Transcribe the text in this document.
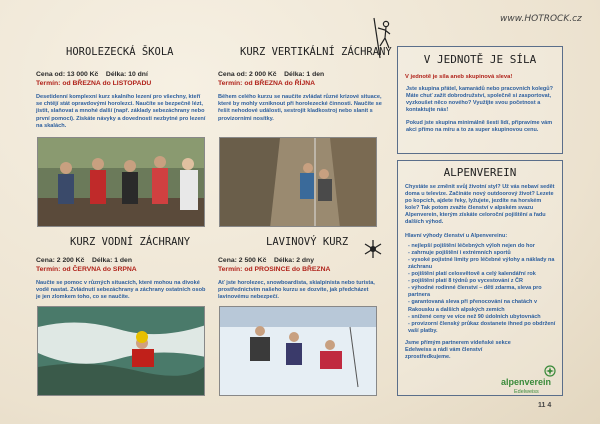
www.HOTROCK.cz
HOROLEZECKÁ ŠKOLA
Cena od: 13 000 Kč Délka: 10 dní
Termín: od BŘEZNA do LISTOPADU
Desetidenní komplexní kurz skalního lezení pro všechny, kteří se chtějí stát opravdovými horolezci. Naučíte se bezpečně lézt, jistit, slaňovat a mnohé další (např. základy sebezáchrany nebo první pomoci). Získáte návyky a dovednosti nezbytné pro lezení na skalách.
KURZ VERTIKÁLNÍ ZÁCHRANY
Cena od: 2 000 Kč Délka: 1 den
Termín: od BŘEZNA do ŘÍJNA
Během celého kurzu se naučíte zvládat různé krizové situace, které by mohly vzniknout při horolezecké činnosti. Naučíte se řešit nehodové události, sestrojit kladkostroj nebo slanit s provizorními nosítky.
KURZ VODNÍ ZÁCHRANY
Cena: 2 200 Kč Délka: 1 den
Termín: od ČERVNA do SRPNA
Naučte se pomoc v různých situacích, které mohou na divoké vodě nastat. Zvládnutí sebezáchrany a záchrany ostatních osob je jen zlomkem toho, co se naučíte.
LAVINOVÝ KURZ
Cena: 2 500 Kč Délka: 2 dny
Termín: od PROSINCE do BŘEZNA
Ať jste horolezec, snowboardista, skialpinista nebo turista, prostřednictvím našeho kurzu se dozvíte, jak předcházet lavinovému nebezpečí.
V JEDNOTĚ JE SÍLA
V jednotě je síla aneb skupinová sleva!

Jste skupina přátel, kamarádů nebo pracovních kolegů? Máte chuť zažít dobrodružství, společně si zasportovat, vyzkoušet něco nového? Využijte svou početnost a kontaktujte nás!

Pokud jste skupina minimálně šesti lidí, připravíme vám akci přímo na míru a to za super skupinovou cenu.

ALPENVEREIN

Chystáte se změnit svůj životní styl? Už vás nebaví sedět doma u televize. Začínáte nový outdoorový život? Lezete po kopcích, ajdete řeky, lyžujete, jezdíte na horském kole? Tak potom zvažte členství v alpském svazu Alpenverein, kterým získáte celoroční pojištění a řadu dalších výhod.

Hlavní výhody členství u Alpenvereinu:
- nejlepší pojištění léčebných výloh nejen do hor
- zahrnuje pojištění i extrémních sportů
- vysoké pojistné limity pro léčebné výlohy a náklady na záchranu
- pojištění platí celosvětově a celý kalendářní rok
- pojištění platí 8 týdnů po vycestování z ČR
- výhodné rodinné členství – děti zdarma, sleva pro partnera
- garantovaná sleva při přenocování na chatách v Rakousku a dalších alpských zemích
- snížené ceny ve více než 90 údolních ubytovnách
- provizorní členský průkaz dostanete ihned po obdržení vaší platby.

Jsme přímým partnerem vídeňské sekce Edelweiss a rádi vám členství zprostředkujeme.

alpenverein
Edelweiss
11 4
